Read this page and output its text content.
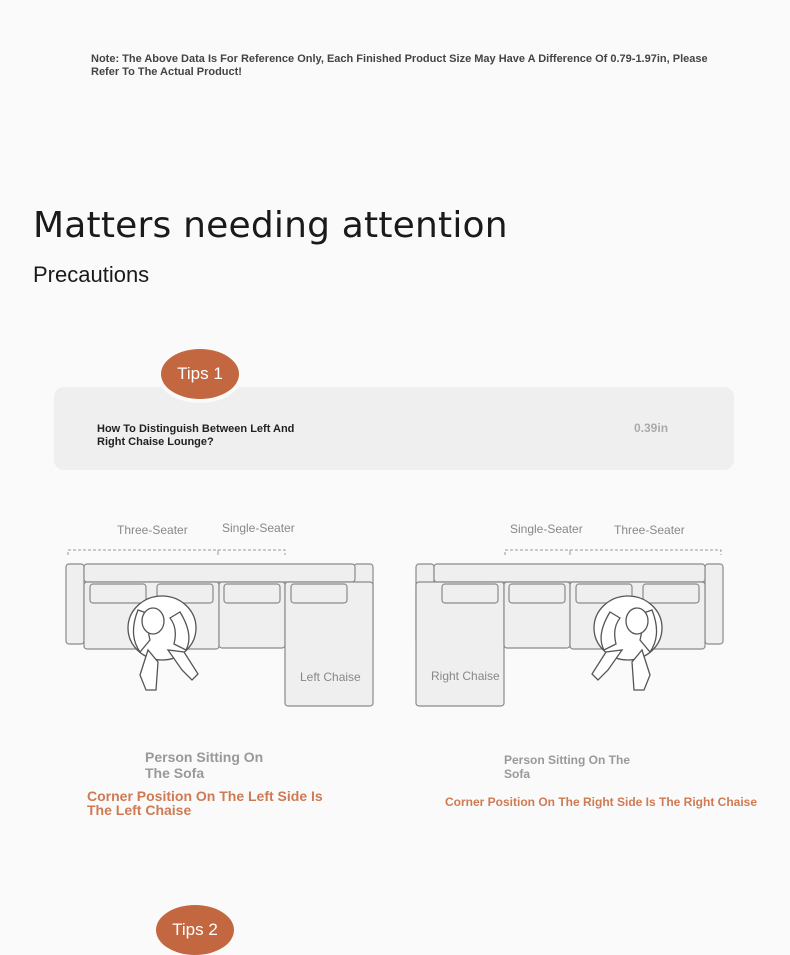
Note: The Above Data Is For Reference Only, Each Finished Product Size May Have A Difference Of 0.79-1.97in, Please Refer To The Actual Product!
Matters needing attention
Precautions
Tips 1
How To Distinguish Between Left And Right Chaise Lounge?
0.39in
Three-Seater	Single-Seater	Single-Seater	Three-Seater
Left Chaise	Right Chaise
Person Sitting On The Sofa
Person Sitting On The Sofa
Corner Position On The Left Side Is The Left Chaise	Corner Position On The Right Side Is The Right Chaise
Tips 2
